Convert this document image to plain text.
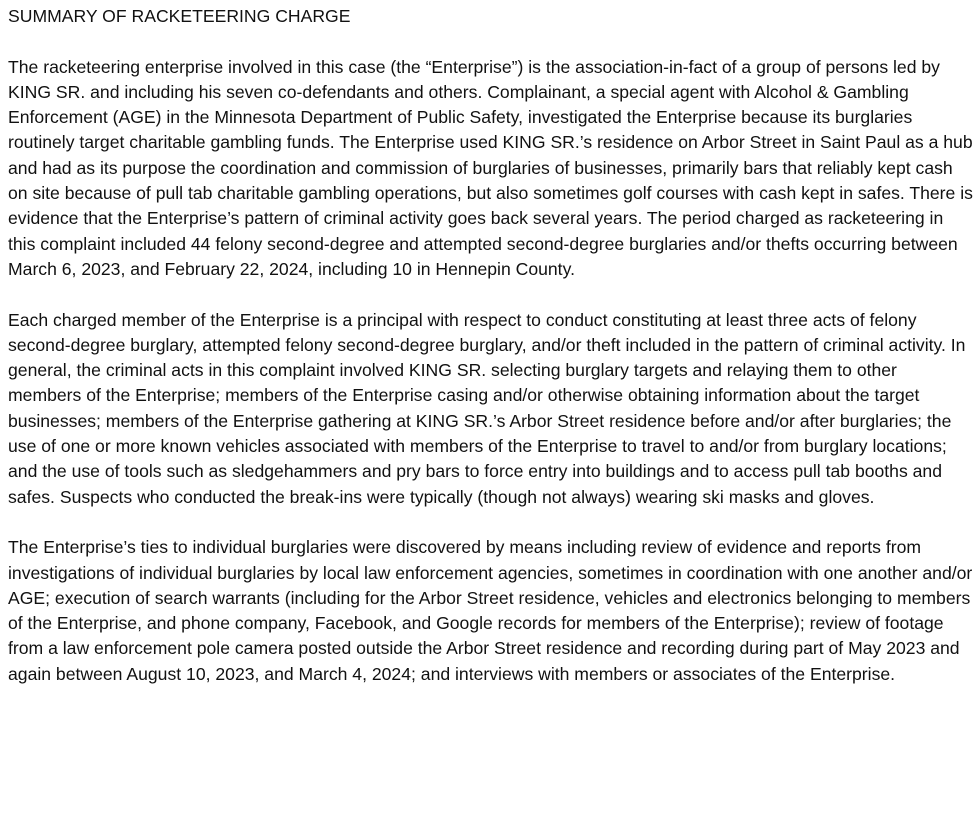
SUMMARY OF RACKETEERING CHARGE

The racketeering enterprise involved in this case (the “Enterprise”) is the association-in-fact of a group of persons led by KING SR. and including his seven co-defendants and others. Complainant, a special agent with Alcohol & Gambling Enforcement (AGE) in the Minnesota Department of Public Safety, investigated the Enterprise because its burglaries routinely target charitable gambling funds. The Enterprise used KING SR.’s residence on Arbor Street in Saint Paul as a hub and had as its purpose the coordination and commission of burglaries of businesses, primarily bars that reliably kept cash on site because of pull tab charitable gambling operations, but also sometimes golf courses with cash kept in safes. There is evidence that the Enterprise’s pattern of criminal activity goes back several years. The period charged as racketeering in this complaint included 44 felony second-degree and attempted second-degree burglaries and/or thefts occurring between March 6, 2023, and February 22, 2024, including 10 in Hennepin County.

Each charged member of the Enterprise is a principal with respect to conduct constituting at least three acts of felony second-degree burglary, attempted felony second-degree burglary, and/or theft included in the pattern of criminal activity. In general, the criminal acts in this complaint involved KING SR. selecting burglary targets and relaying them to other members of the Enterprise; members of the Enterprise casing and/or otherwise obtaining information about the target businesses; members of the Enterprise gathering at KING SR.’s Arbor Street residence before and/or after burglaries; the use of one or more known vehicles associated with members of the Enterprise to travel to and/or from burglary locations; and the use of tools such as sledgehammers and pry bars to force entry into buildings and to access pull tab booths and safes. Suspects who conducted the break-ins were typically (though not always) wearing ski masks and gloves.

The Enterprise’s ties to individual burglaries were discovered by means including review of evidence and reports from investigations of individual burglaries by local law enforcement agencies, sometimes in coordination with one another and/or AGE; execution of search warrants (including for the Arbor Street residence, vehicles and electronics belonging to members of the Enterprise, and phone company, Facebook, and Google records for members of the Enterprise); review of footage from a law enforcement pole camera posted outside the Arbor Street residence and recording during part of May 2023 and again between August 10, 2023, and March 4, 2024; and interviews with members or associates of the Enterprise.
